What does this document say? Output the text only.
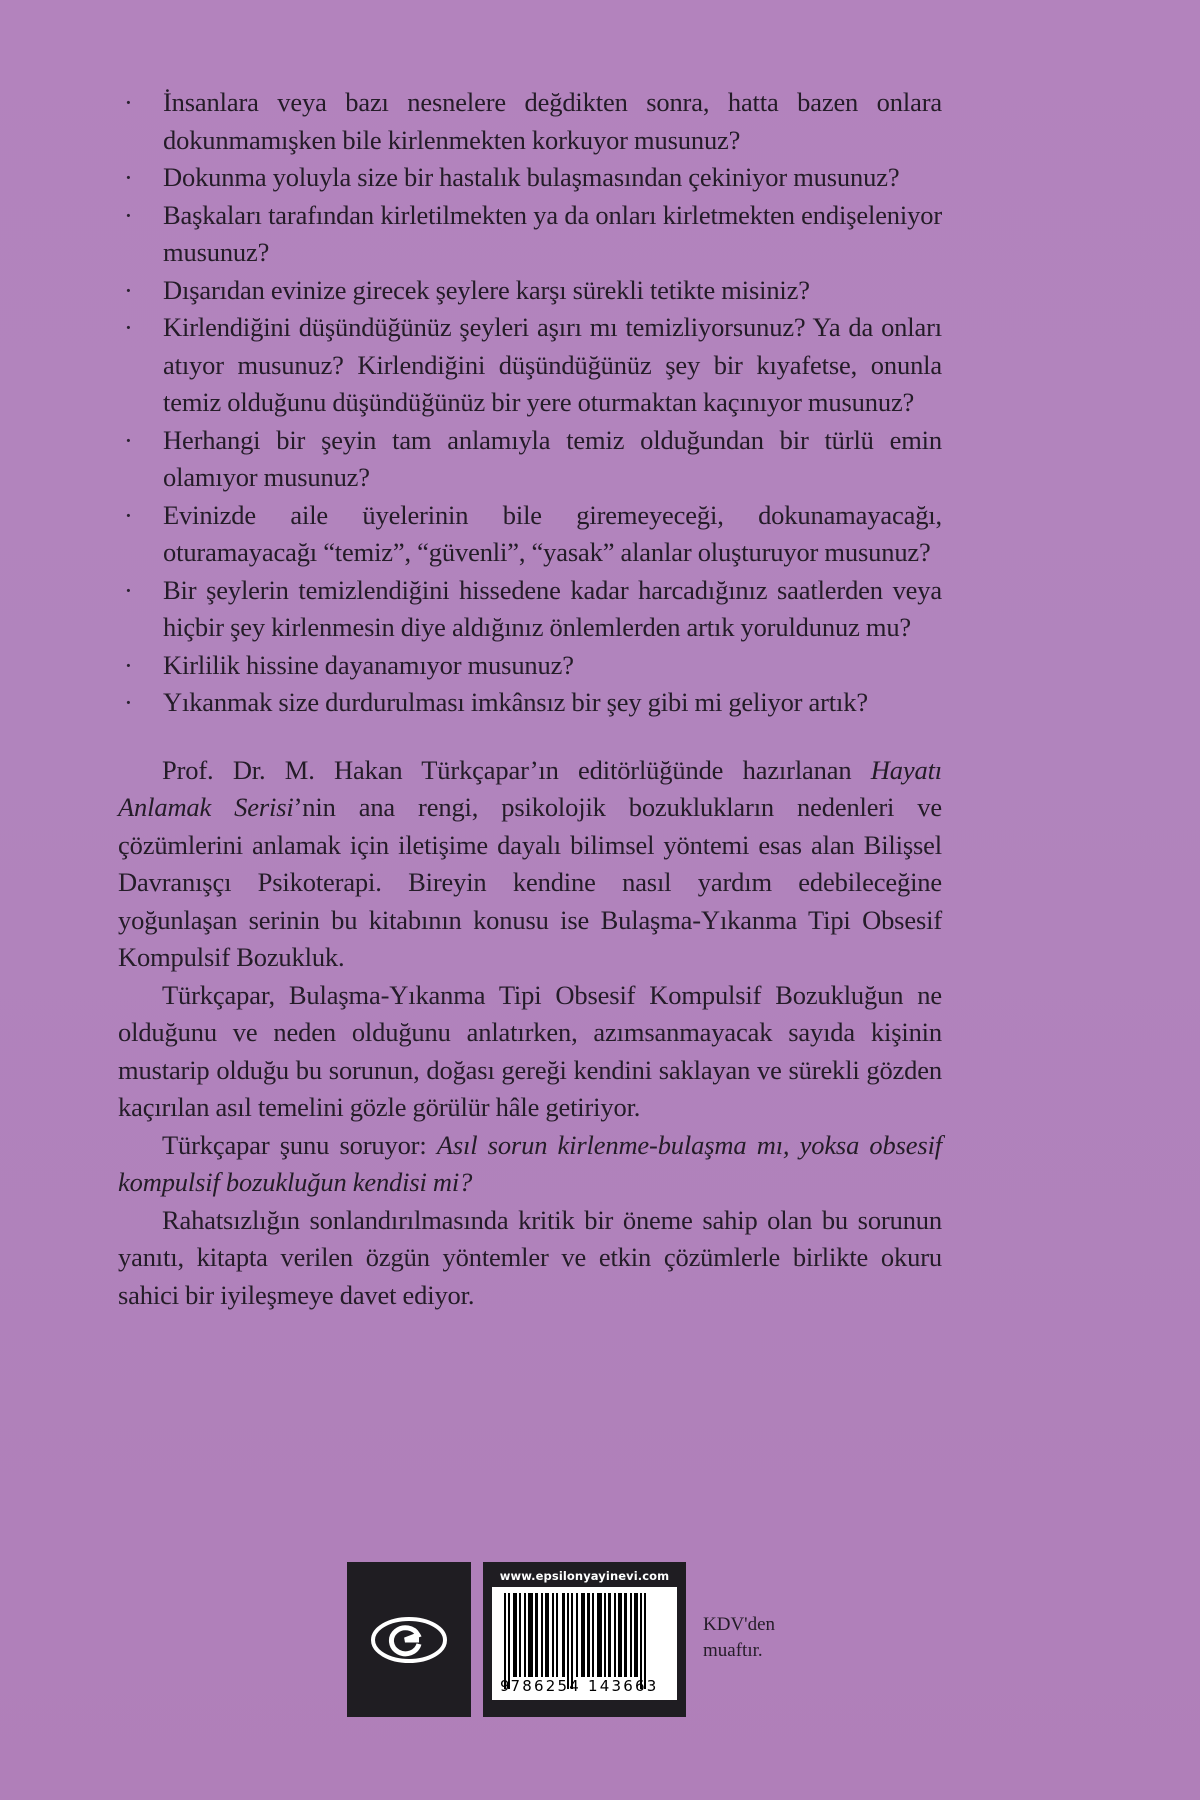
· İnsanlara veya bazı nesnelere değdikten sonra, hatta bazen onlara dokunmamışken bile kirlenmekten korkuyor musunuz?
· Dokunma yoluyla size bir hastalık bulaşmasından çekiniyor musunuz?
· Başkaları tarafından kirletilmekten ya da onları kirletmekten endişeleniyor musunuz?
· Dışarıdan evinize girecek şeylere karşı sürekli tetikte misiniz?
· Kirlendiğini düşündüğünüz şeyleri aşırı mı temizliyorsunuz? Ya da onları atıyor musunuz? Kirlendiğini düşündüğünüz şey bir kıyafetse, onunla temiz olduğunu düşündüğünüz bir yere oturmaktan kaçınıyor musunuz?
· Herhangi bir şeyin tam anlamıyla temiz olduğundan bir türlü emin olamıyor musunuz?
· Evinizde aile üyelerinin bile giremeyeceği, dokunamayacağı, oturamayacağı “temiz”, “güvenli”, “yasak” alanlar oluşturuyor musunuz?
· Bir şeylerin temizlendiğini hissedene kadar harcadığınız saatlerden veya hiçbir şey kirlenmesin diye aldığınız önlemlerden artık yoruldunuz mu?
· Kirlilik hissine dayanamıyor musunuz?
· Yıkanmak size durdurulması imkânsız bir şey gibi mi geliyor artık?

Prof. Dr. M. Hakan Türkçapar’ın editörlüğünde hazırlanan Hayatı Anlamak Serisi’nin ana rengi, psikolojik bozuklukların nedenleri ve çözümlerini anlamak için iletişime dayalı bilimsel yöntemi esas alan Bilişsel Davranışçı Psikoterapi. Bireyin kendine nasıl yardım edebileceğine yoğunlaşan serinin bu kitabının konusu ise Bulaşma-Yıkanma Tipi Obsesif Kompulsif Bozukluk.

Türkçapar, Bulaşma-Yıkanma Tipi Obsesif Kompulsif Bozukluğun ne olduğunu ve neden olduğunu anlatırken, azımsanmayacak sayıda kişinin mustarip olduğu bu sorunun, doğası gereği kendini saklayan ve sürekli gözden kaçırılan asıl temelini gözle görülür hâle getiriyor.

Türkçapar şunu soruyor: Asıl sorun kirlenme-bulaşma mı, yoksa obsesif kompulsif bozukluğun kendisi mi?

Rahatsızlığın sonlandırılmasında kritik bir öneme sahip olan bu sorunun yanıtı, kitapta verilen özgün yöntemler ve etkin çözümlerle birlikte okuru sahici bir iyileşmeye davet ediyor.

www.epsilonyayinevi.com
9
786254 143663
KDV'den
muaftır.
